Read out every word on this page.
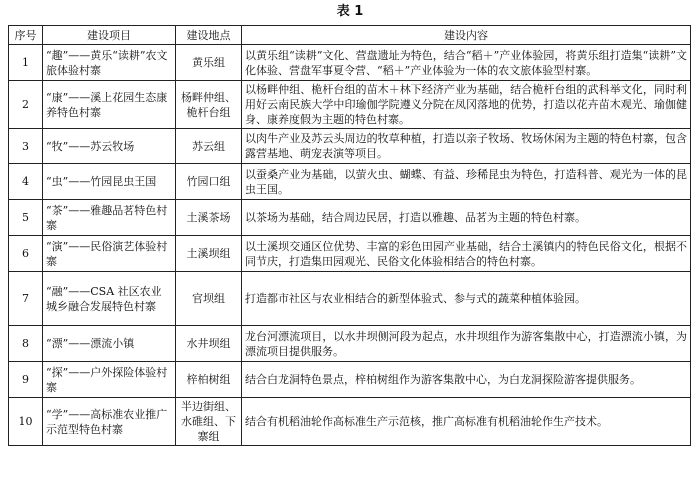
表 1
序号	建设项目	建设地点	建设内容
1	“趣”——黄乐“读耕”农文旅体验村寨	黄乐组	以黄乐组“读耕”文化、营盘遗址为特色，结合“稻＋”产业体验园，将黄乐组打造集“读耕”文化体验、营盘军事夏令营、“稻＋”产业体验为一体的农文旅体验型村寨。
2	“康”——溪上花园生态康养特色村寨	杨畔仲组、桅杆台组	以杨畔仲组、桅杆台组的苗木＋林下经济产业为基础，结合桅杆台组的武科举文化，同时利用好云南民族大学中印瑜伽学院遵义分院在凤冈落地的优势，打造以花卉苗木观光、瑜伽健身、康养度假为主题的特色村寨。
3	“牧”——苏云牧场	苏云组	以肉牛产业及苏云头周边的牧草种植，打造以亲子牧场、牧场休闲为主题的特色村寨，包含露营基地、萌宠表演等项目。
4	“虫”——竹园昆虫王国	竹园口组	以蚕桑产业为基础，以萤火虫、蝴蝶、有益、珍稀昆虫为特色，打造科普、观光为一体的昆虫王国。
5	“茶”——雅趣品茗特色村寨	土溪茶场	以茶场为基础，结合周边民居，打造以雅趣、品茗为主题的特色村寨。
6	“演”——民俗演艺体验村寨	土溪坝组	以土溪坝交通区位优势、丰富的彩色田园产业基础，结合土溪镇内的特色民俗文化，根据不同节庆，打造集田园观光、民俗文化体验相结合的特色村寨。
7	“融”——CSA 社区农业城乡融合发展特色村寨	官坝组	打造都市社区与农业相结合的新型体验式、参与式的蔬菜种植体验园。
8	“漂”——漂流小镇	水井坝组	龙台河漂流项目，以水井坝侧河段为起点，水井坝组作为游客集散中心，打造漂流小镇，为漂流项目提供服务。
9	“探”——户外探险体验村寨	梓柏树组	结合白龙洞特色景点，梓柏树组作为游客集散中心，为白龙洞探险游客提供服务。
10	“学”——高标准农业推广示范型特色村寨	半边街组、水碓组、下寨组	结合有机稻油轮作高标准生产示范核，推广高标准有机稻油轮作生产技术。
